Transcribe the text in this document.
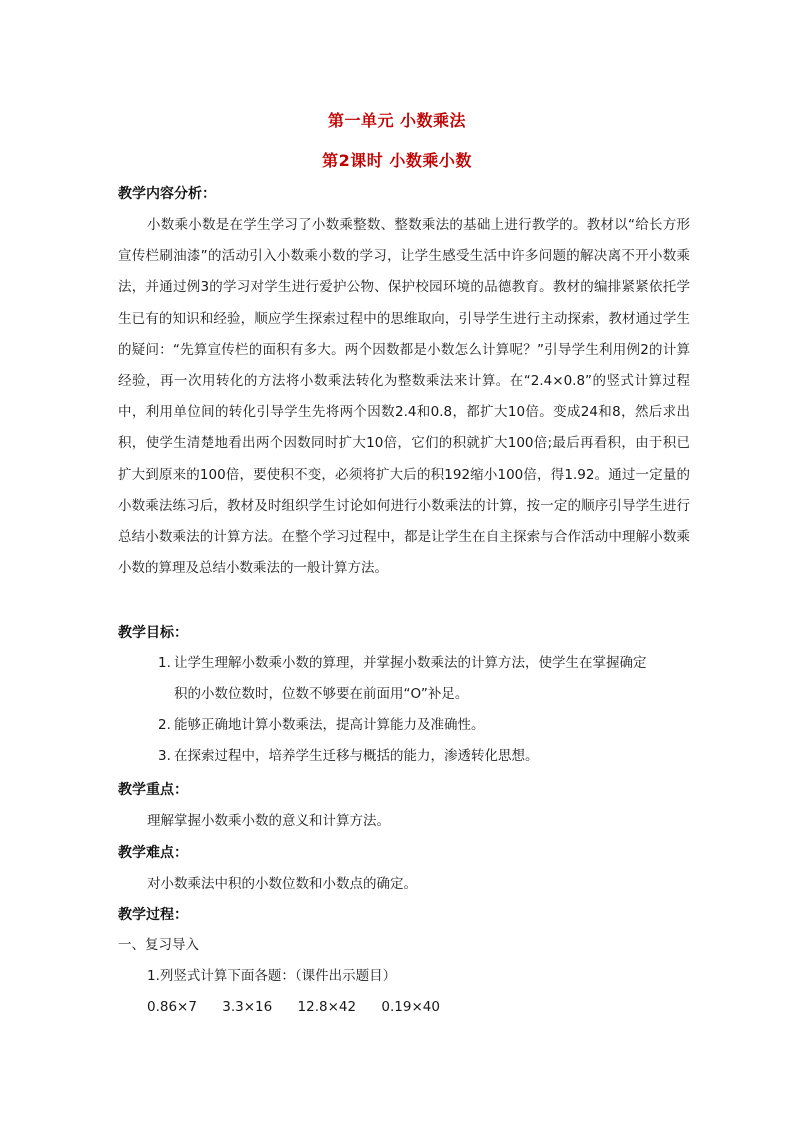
第一单元 小数乘法
第2课时 小数乘小数
教学内容分析：
小数乘小数是在学生学习了小数乘整数、整数乘法的基础上进行教学的。教材以“给长方形宣传栏刷油漆”的活动引入小数乘小数的学习，让学生感受生活中许多问题的解决离不开小数乘法，并通过例3的学习对学生进行爱护公物、保护校园环境的品德教育。教材的编排紧紧依托学生已有的知识和经验，顺应学生探索过程中的思维取向，引导学生进行主动探索，教材通过学生的疑问：“先算宣传栏的面积有多大。两个因数都是小数怎么计算呢？”引导学生利用例2的计算经验，再一次用转化的方法将小数乘法转化为整数乘法来计算。在“2.4×0.8”的竖式计算过程中，利用单位间的转化引导学生先将两个因数2.4和0.8，都扩大10倍。变成24和8，然后求出积，使学生清楚地看出两个因数同时扩大10倍，它们的积就扩大100倍;最后再看积，由于积已扩大到原来的100倍，要使积不变，必须将扩大后的积192缩小100倍，得1.92。通过一定量的小数乘法练习后，教材及时组织学生讨论如何进行小数乘法的计算，按一定的顺序引导学生进行总结小数乘法的计算方法。在整个学习过程中，都是让学生在自主探索与合作活动中理解小数乘小数的算理及总结小数乘法的一般计算方法。
教学目标：
1. 让学生理解小数乘小数的算理，并掌握小数乘法的计算方法，使学生在掌握确定
积的小数位数时，位数不够要在前面用“O”补足。
2. 能够正确地计算小数乘法，提高计算能力及准确性。
3. 在探索过程中，培养学生迁移与概括的能力，渗透转化思想。
教学重点：
理解掌握小数乘小数的意义和计算方法。
教学难点：
对小数乘法中积的小数位数和小数点的确定。
教学过程：
一、复习导入
1.列竖式计算下面各题：（课件出示题目）
0.86×7 3.3×16 12.8×42 0.19×40
